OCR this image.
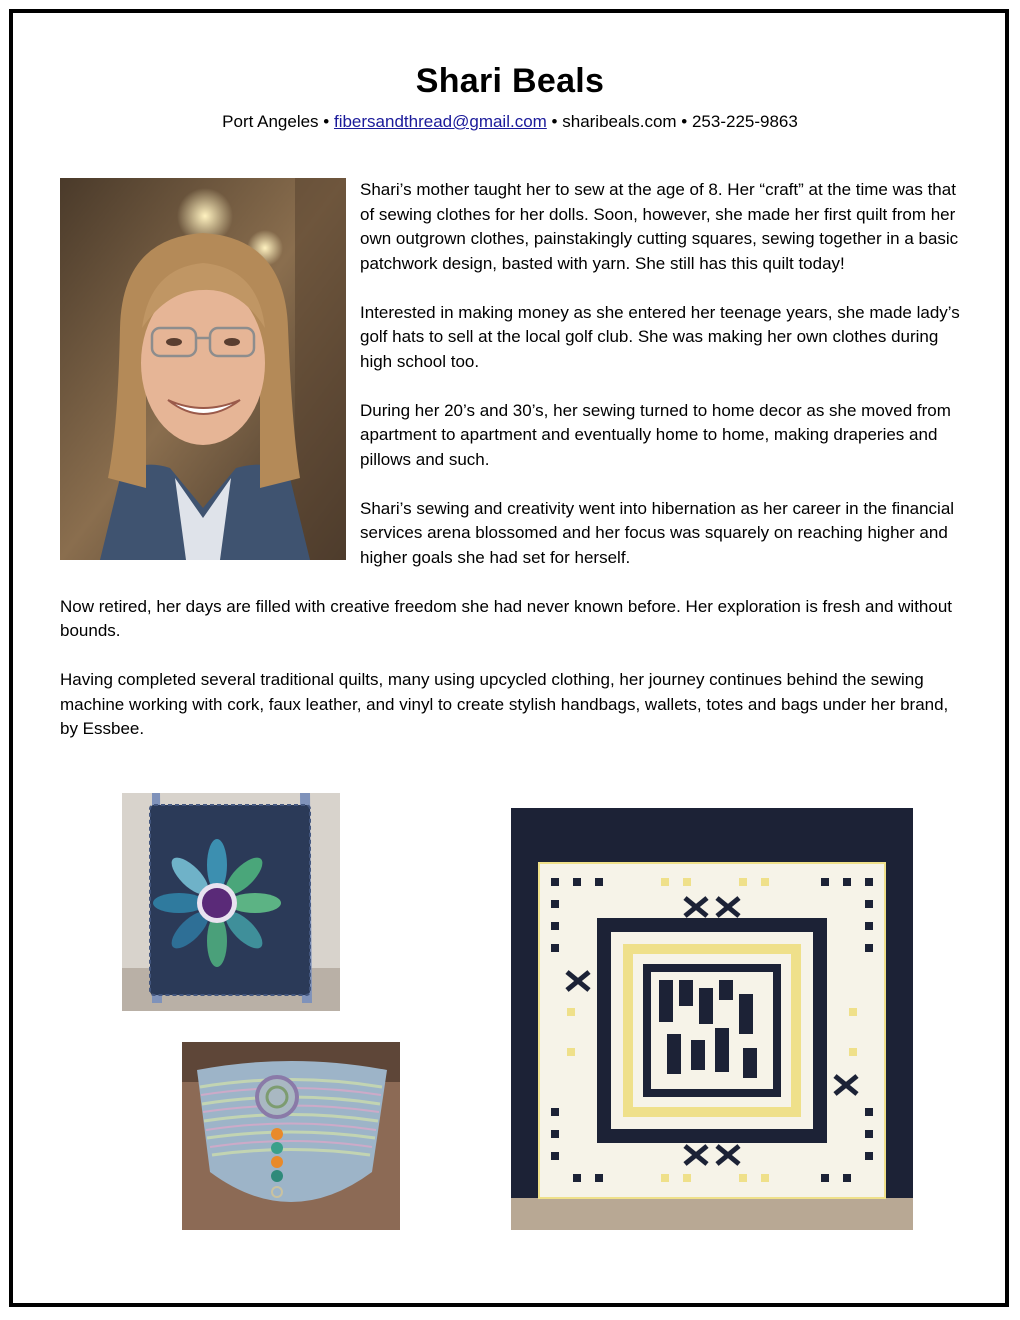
Shari Beals
Port Angeles • fibersandthread@gmail.com • sharibeals.com • 253-225-9863

Shari’s mother taught her to sew at the age of 8. Her “craft” at the time was that of sewing clothes for her dolls. Soon, however, she made her first quilt from her own outgrown clothes, painstakingly cutting squares, sewing together in a basic patchwork design, basted with yarn. She still has this quilt today!

Interested in making money as she entered her teenage years, she made lady’s golf hats to sell at the local golf club. She was making her own clothes during high school too.

During her 20’s and 30’s, her sewing turned to home decor as she moved from apartment to apartment and eventually home to home, making draperies and pillows and such.

Shari’s sewing and creativity went into hibernation as her career in the financial services arena blossomed and her focus was squarely on reaching higher and higher goals she had set for herself.

Now retired, her days are filled with creative freedom she had never known before. Her exploration is fresh and without bounds.

Having completed several traditional quilts, many using upcycled clothing, her journey continues behind the sewing machine working with cork, faux leather, and vinyl to create stylish handbags, wallets, totes and bags under her brand, by Essbee.
